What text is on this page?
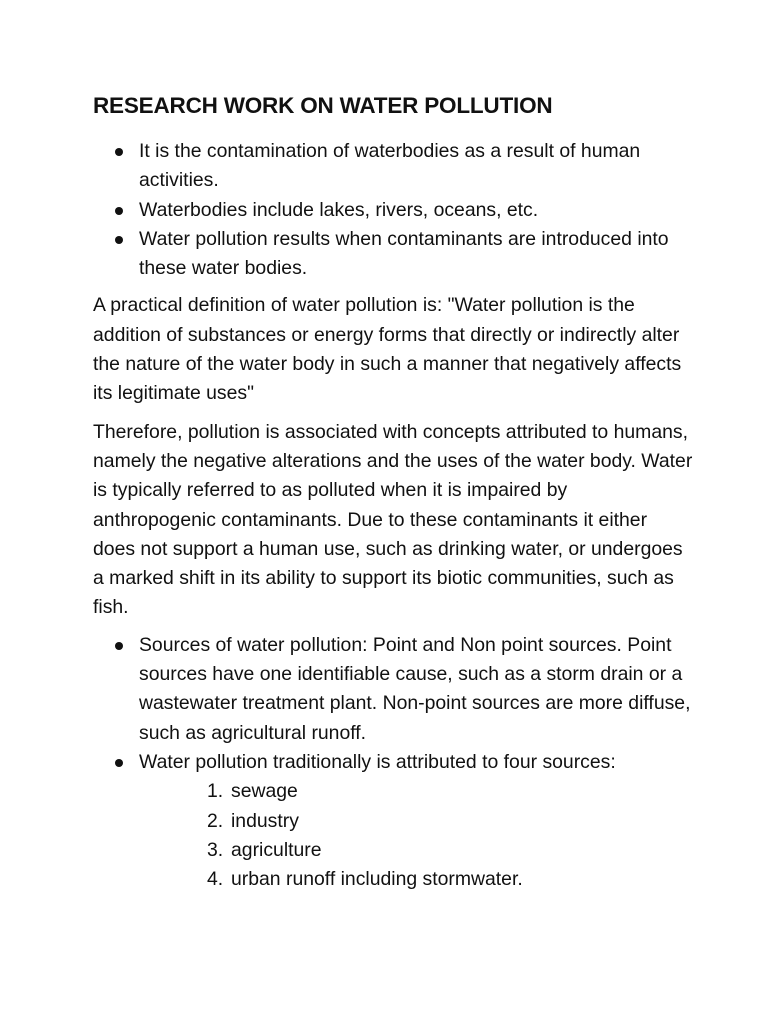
RESEARCH WORK ON WATER POLLUTION
It is the contamination of waterbodies as a result of human activities.
Waterbodies include lakes, rivers, oceans, etc.
Water pollution results when contaminants are introduced into these water bodies.

A practical definition of water pollution is: "Water pollution is the addition of substances or energy forms that directly or indirectly alter the nature of the water body in such a manner that negatively affects its legitimate uses"

Therefore, pollution is associated with concepts attributed to humans, namely the negative alterations and the uses of the water body. Water is typically referred to as polluted when it is impaired by anthropogenic contaminants. Due to these contaminants it either does not support a human use, such as drinking water, or undergoes a marked shift in its ability to support its biotic communities, such as fish.

Sources of water pollution: Point and Non point sources. Point sources have one identifiable cause, such as a storm drain or a wastewater treatment plant. Non-point sources are more diffuse, such as agricultural runoff.
Water pollution traditionally is attributed to four sources:
1. sewage
2. industry
3. agriculture
4. urban runoff including stormwater.
